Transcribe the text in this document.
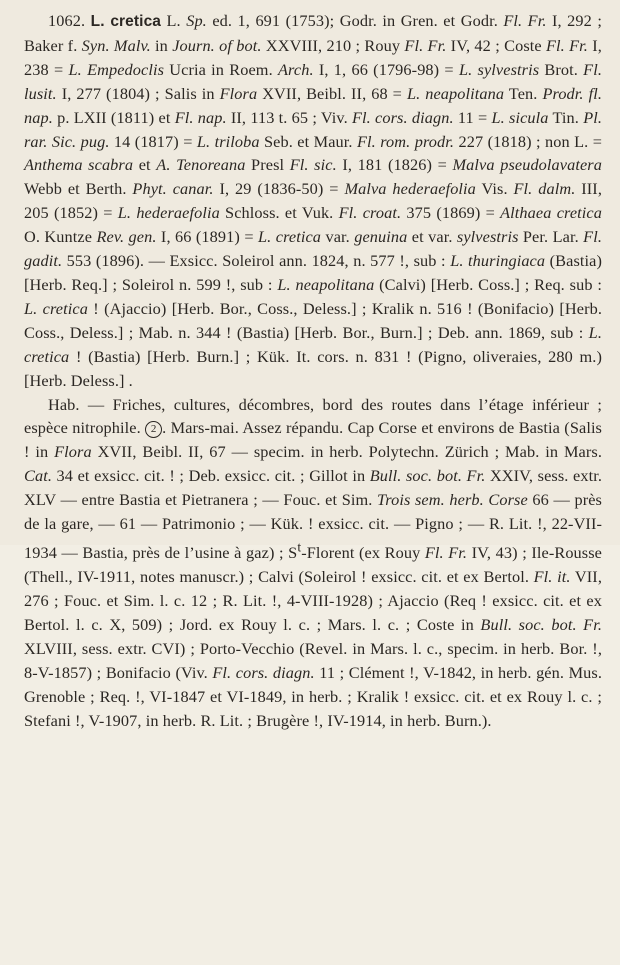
1062. L. cretica L. Sp. ed. 1, 691 (1753); Godr. in Gren. et Godr. Fl. Fr. I, 292 ; Baker f. Syn. Malv. in Journ. of bot. XXVIII, 210 ; Rouy Fl. Fr. IV, 42 ; Coste Fl. Fr. I, 238 = L. Empedoclis Ucria in Roem. Arch. I, 1, 66 (1796-98) = L. sylvestris Brot. Fl. lusit. I, 277 (1804) ; Salis in Flora XVII, Beibl. II, 68 = L. neapolitana Ten. Prodr. fl. nap. p. LXII (1811) et Fl. nap. II, 113 t. 65 ; Viv. Fl. cors. diagn. 11 = L. sicula Tin. Pl. rar. Sic. pug. 14 (1817) = L. triloba Seb. et Maur. Fl. rom. prodr. 227 (1818) ; non L. = Anthema scabra et A. Tenoreana Presl Fl. sic. I, 181 (1826) = Malva pseudolavatera Webb et Berth. Phyt. canar. I, 29 (1836-50) = Malva hederaefolia Vis. Fl. dalm. III, 205 (1852) = L. hederaefolia Schloss. et Vuk. Fl. croat. 375 (1869) = Althaea cretica O. Kuntze Rev. gen. I, 66 (1891) = L. cretica var. genuina et var. sylvestris Per. Lar. Fl. gadit. 553 (1896). — Exsicc. Soleirol ann. 1824, n. 577 !, sub : L. thuringiaca (Bastia) [Herb. Req.] ; Soleirol n. 599 !, sub : L. neapolitana (Calvi) [Herb. Coss.] ; Req. sub : L. cretica ! (Ajaccio) [Herb. Bor., Coss., Deless.] ; Kralik n. 516 ! (Bonifacio) [Herb. Coss., Deless.] ; Mab. n. 344 ! (Bastia) [Herb. Bor., Burn.] ; Deb. ann. 1869, sub : L. cretica ! (Bastia) [Herb. Burn.] ; Kük. It. cors. n. 831 ! (Pigno, oliveraies, 280 m.) [Herb. Deless.] .

Hab. — Friches, cultures, décombres, bord des routes dans l’étage inférieur ; espèce nitrophile. 2 . Mars-mai. Assez répandu. Cap Corse et environs de Bastia (Salis ! in Flora XVII, Beibl. II, 67 — specim. in herb. Polytechn. Zürich ; Mab. in Mars. Cat. 34 et exsicc. cit. ! ; Deb. exsicc. cit. ; Gillot in Bull. soc. bot. Fr. XXIV, sess. extr. XLV — entre Bastia et Pietranera ; — Fouc. et Sim. Trois sem. herb. Corse 66 — près de la gare, — 61 — Patrimonio ; — Kük. ! exsicc. cit. — Pigno ; — R. Lit. !, 22-VII-1934 — Bastia, près de l’usine à gaz) ; $S^t$-Florent (ex Rouy Fl. Fr. IV, 43) ; Ile-Rousse (Thell., IV-1911, notes manuscr.) ; Calvi (Soleirol ! exsicc. cit. et ex Bertol. Fl. it. VII, 276 ; Fouc. et Sim. l. c. 12 ; R. Lit. !, 4-VIII-1928) ; Ajaccio (Req ! exsicc. cit. et ex Bertol. l. c. X, 509) ; Jord. ex Rouy l. c. ; Mars. l. c. ; Coste in Bull. soc. bot. Fr. XLVIII, sess. extr. CVI) ; Porto-Vecchio (Revel. in Mars. l. c., specim. in herb. Bor. !, 8-V-1857) ; Bonifacio (Viv. Fl. cors. diagn. 11 ; Clément !, V-1842, in herb. gén. Mus. Grenoble ; Req. !, VI-1847 et VI-1849, in herb. ; Kralik ! exsicc. cit. et ex Rouy l. c. ; Stefani !, V-1907, in herb. R. Lit. ; Brugère !, IV-1914, in herb. Burn.).
